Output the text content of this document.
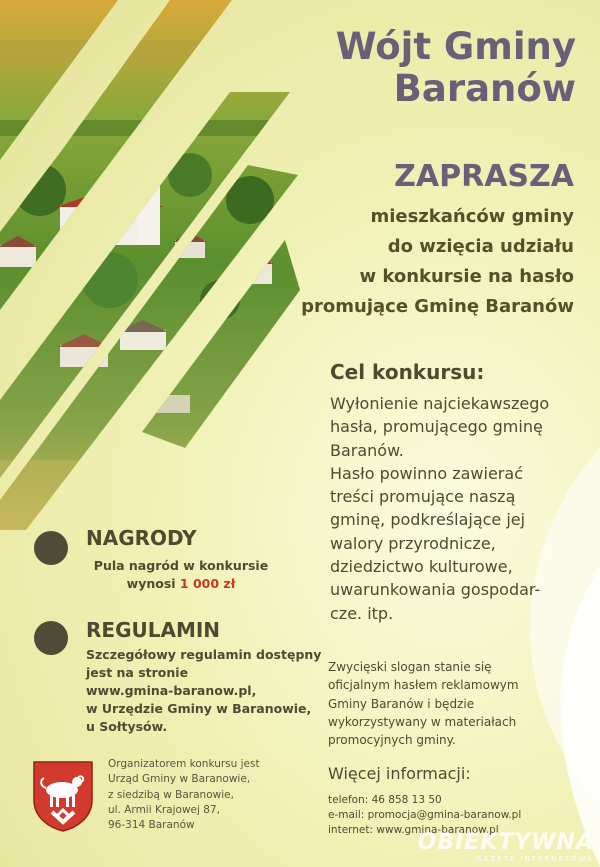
Wójt Gminy
Baranów
ZAPRASZA
mieszkańców gminy
do wzięcia udziału
w konkursie na hasło
promujące Gminę Baranów
Cel konkursu:
Wyłonienie najciekawszego
hasła, promującego gminę
Baranów.
Hasło powinno zawierać
treści promujące naszą
gminę, podkreślające jej
walory przyrodnicze,
dziedzictwo kulturowe,
uwarunkowania gospodar-
cze. itp.
Zwycięski slogan stanie się
oficjalnym hasłem reklamowym
Gminy Baranów i będzie
wykorzystywany w materiałach
promocyjnych gminy.
Więcej informacji:
telefon: 46 858 13 50
e-mail: promocja@gmina-baranow.pl
internet: www.gmina-baranow.pl
NAGRODY
Pula nagród w konkursie
wynosi 1 000 zł
REGULAMIN
Szczegółowy regulamin dostępny
jest na stronie
www.gmina-baranow.pl,
w Urzędzie Gminy w Baranowie,
u Sołtysów.
Organizatorem konkursu jest
Urząd Gminy w Baranowie,
z siedzibą w Baranowie,
ul. Armii Krajowej 87,
96-314 Baranów
OBIEKTYWNA
GAZETA INTERNETOWA
